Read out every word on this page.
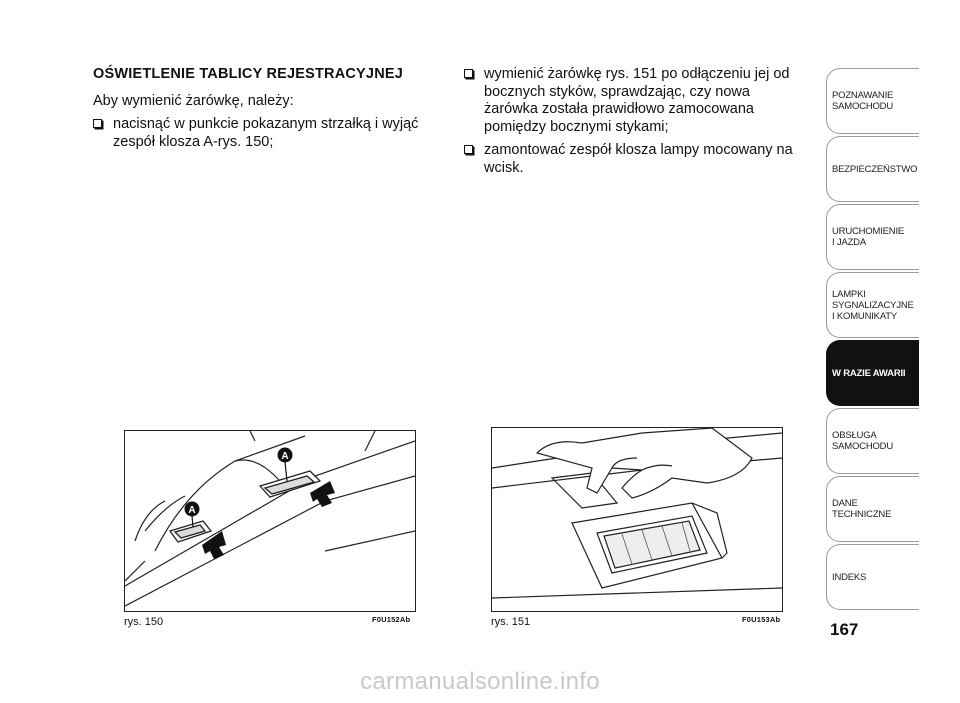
OŚWIETLENIE TABLICY REJESTRACYJNEJ
Aby wymienić żarówkę, należy:
nacisnąć w punkcie pokazanym strzałką i wyjąć zespół klosza A-rys. 150;
wymienić żarówkę rys. 151 po odłączeniu jej od bocznych styków, sprawdzając, czy nowa żarówka została prawidłowo zamocowana pomiędzy bocznymi stykami;
zamontować zespół klosza lampy mocowany na wcisk.
A
A
rys. 150	F0U152Ab	rys. 151	F0U153Ab
POZNAWANIE
SAMOCHODU
BEZPIECZEŃSTWO
URUCHOMIENIE
I JAZDA
LAMPKI
SYGNALIZACYJNE
I KOMUNIKATY
W RAZIE AWARII
OBSŁUGA
SAMOCHODU
DANE
TECHNICZNE
INDEKS
167
carmanualsonline.info
